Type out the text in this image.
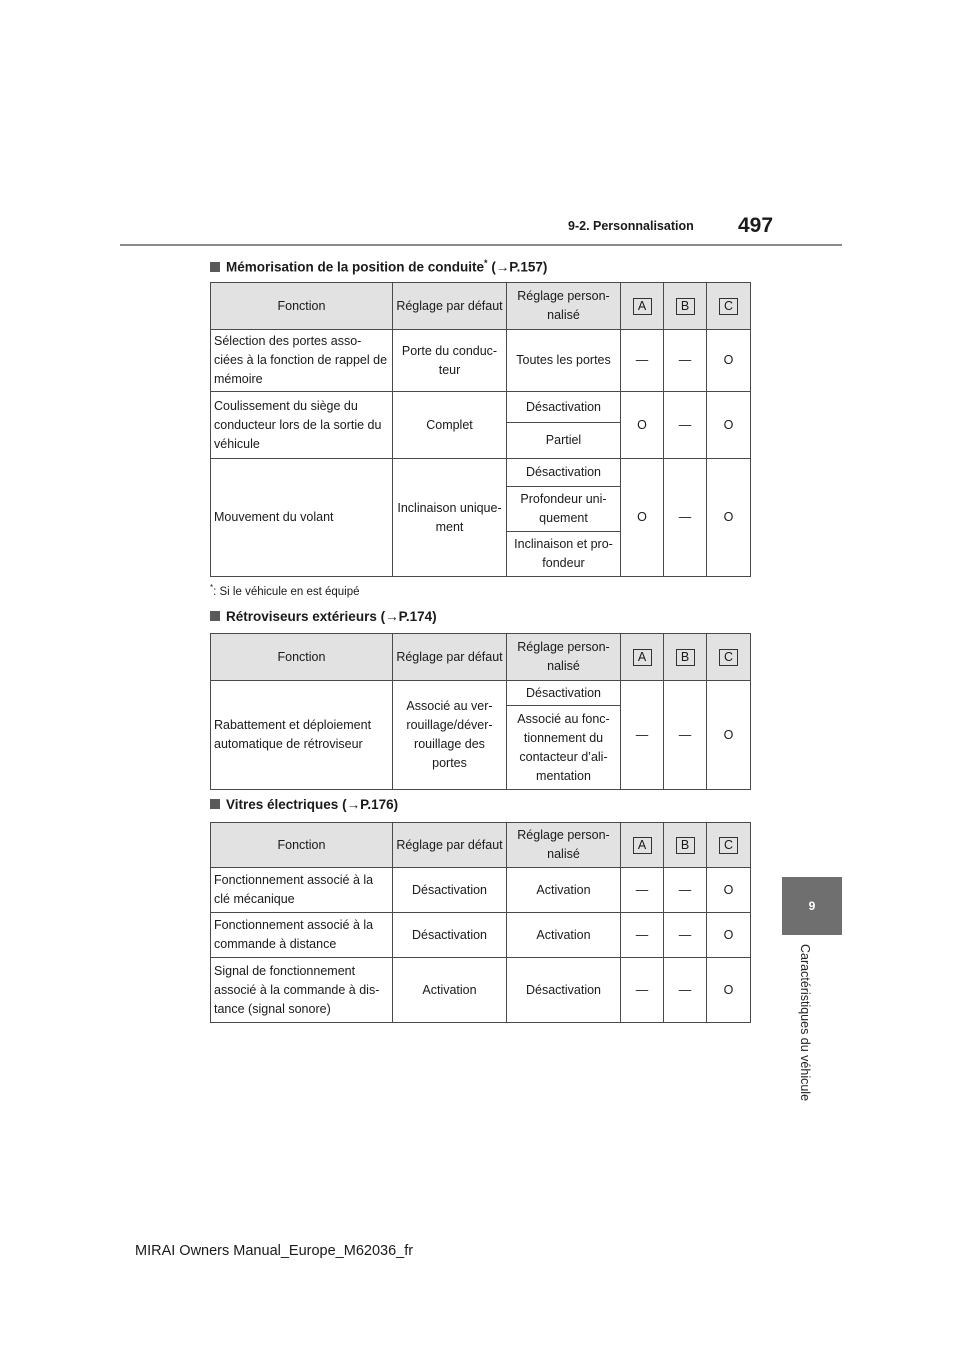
9-2. Personnalisation 497
9
Caractéristiques du véhicule
Mémorisation de la position de conduite* (→P.157)
Fonction	Réglage par défaut	Réglage person-nalisé	A	B	C
Sélection des portes asso-ciées à la fonction de rappel de mémoire	Porte du conduc-teur	Toutes les portes	—	—	O
Coulissement du siège du conducteur lors de la sortie du véhicule	Complet	Désactivation	O	—	O
		Partiel			
Mouvement du volant	Inclinaison unique-ment	Désactivation	O	—	O
		Profondeur uni-quement			
		Inclinaison et pro-fondeur			
*: Si le véhicule en est équipé
Rétroviseurs extérieurs (→P.174)
Fonction	Réglage par défaut	Réglage person-nalisé	A	B	C
Rabattement et déploiement automatique de rétroviseur	Associé au ver-rouillage/déver-rouillage des portes	Désactivation	—	—	O
		Associé au fonc-tionnement du contacteur d’ali-mentation			
Vitres électriques (→P.176)
Fonction	Réglage par défaut	Réglage person-nalisé	A	B	C
Fonctionnement associé à la clé mécanique	Désactivation	Activation	—	—	O
Fonctionnement associé à la commande à distance	Désactivation	Activation	—	—	O
Signal de fonctionnement associé à la commande à dis-tance (signal sonore)	Activation	Désactivation	—	—	O
MIRAI Owners Manual_Europe_M62036_fr
